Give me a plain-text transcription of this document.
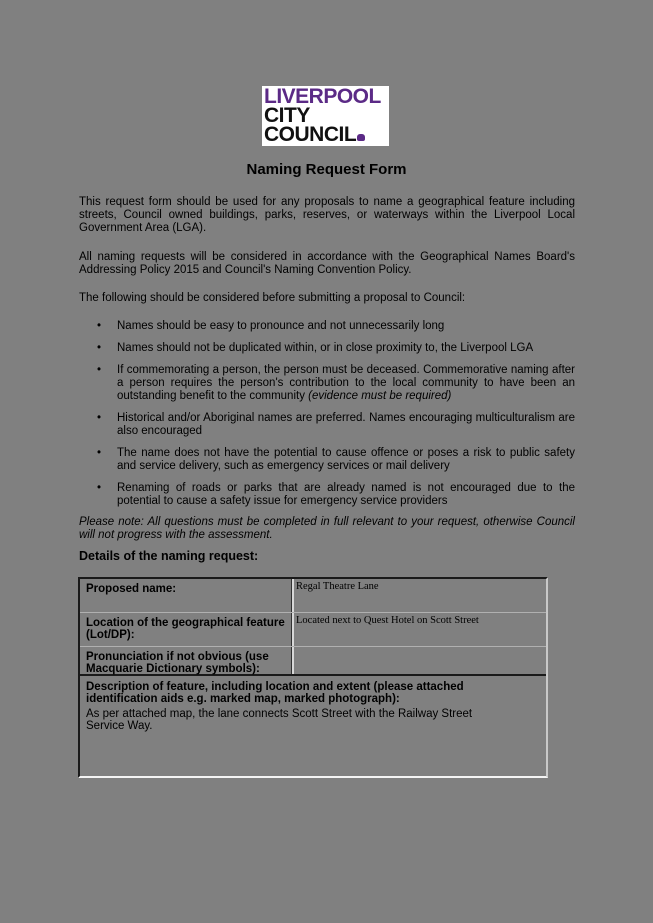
LIVERPOOL
CITY
COUNCIL
Naming Request Form
This request form should be used for any proposals to name a geographical feature including streets, Council owned buildings, parks, reserves, or waterways within the Liverpool Local Government Area (LGA).
All naming requests will be considered in accordance with the Geographical Names Board's Addressing Policy 2015 and Council's Naming Convention Policy.
The following should be considered before submitting a proposal to Council:
• Names should be easy to pronounce and not unnecessarily long
• Names should not be duplicated within, or in close proximity to, the Liverpool LGA
• If commemorating a person, the person must be deceased. Commemorative naming after a person requires the person's contribution to the local community to have been an outstanding benefit to the community (evidence must be required)
• Historical and/or Aboriginal names are preferred. Names encouraging multiculturalism are also encouraged
• The name does not have the potential to cause offence or poses a risk to public safety and service delivery, such as emergency services or mail delivery
• Renaming of roads or parks that are already named is not encouraged due to the potential to cause a safety issue for emergency service providers
Please note: All questions must be completed in full relevant to your request, otherwise Council will not progress with the assessment.
Details of the naming request:
Proposed name:	Regal Theatre Lane
Location of the geographical feature (Lot/DP):
Located next to Quest Hotel on Scott Street
Pronunciation if not obvious (use Macquarie Dictionary symbols):
Description of feature, including location and extent (please attached identification aids e.g. marked map, marked photograph):
As per attached map, the lane connects Scott Street with the Railway Street Service Way.
